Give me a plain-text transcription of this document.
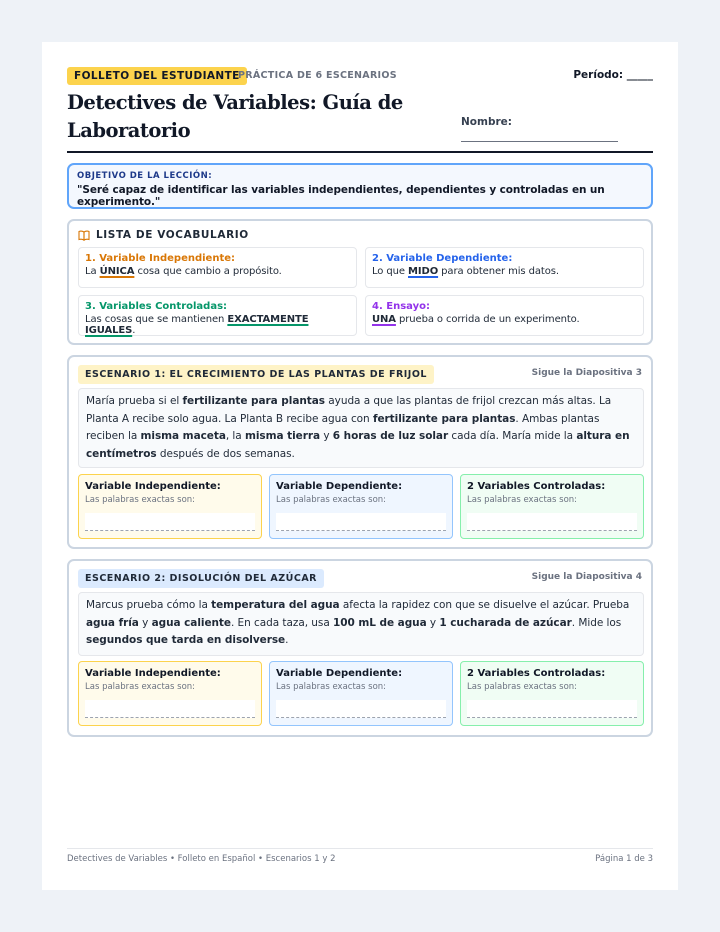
FOLLETO DEL ESTUDIANTE
PRÁCTICA DE 6 ESCENARIOS	Período: _____
Detectives de Variables: Guía de Laboratorio	Nombre:
OBJETIVO DE LA LECCIÓN:
"Seré capaz de identificar las variables independientes, dependientes y controladas en un experimento."
LISTA DE VOCABULARIO
1. Variable Independiente:
La ÚNICA cosa que cambio a propósito.
2. Variable Dependiente:
Lo que MIDO para obtener mis datos.
3. Variables Controladas:
Las cosas que se mantienen EXACTAMENTE IGUALES.
4. Ensayo:
UNA prueba o corrida de un experimento.
ESCENARIO 1: EL CRECIMIENTO DE LAS PLANTAS DE FRIJOL	Sigue la Diapositiva 3
María prueba si el fertilizante para plantas ayuda a que las plantas de frijol crezcan más altas. La Planta A recibe solo agua. La Planta B recibe agua con fertilizante para plantas. Ambas plantas reciben la misma maceta, la misma tierra y 6 horas de luz solar cada día. María mide la altura en centímetros después de dos semanas.
Variable Independiente:
Las palabras exactas son:
Variable Dependiente:
Las palabras exactas son:
2 Variables Controladas:
Las palabras exactas son:
ESCENARIO 2: DISOLUCIÓN DEL AZÚCAR	Sigue la Diapositiva 4
Marcus prueba cómo la temperatura del agua afecta la rapidez con que se disuelve el azúcar. Prueba agua fría y agua caliente. En cada taza, usa 100 mL de agua y 1 cucharada de azúcar. Mide los segundos que tarda en disolverse.
Variable Independiente:
Las palabras exactas son:
Variable Dependiente:
Las palabras exactas son:
2 Variables Controladas:
Las palabras exactas son:
Detectives de Variables • Folleto en Español • Escenarios 1 y 2	Página 1 de 3
